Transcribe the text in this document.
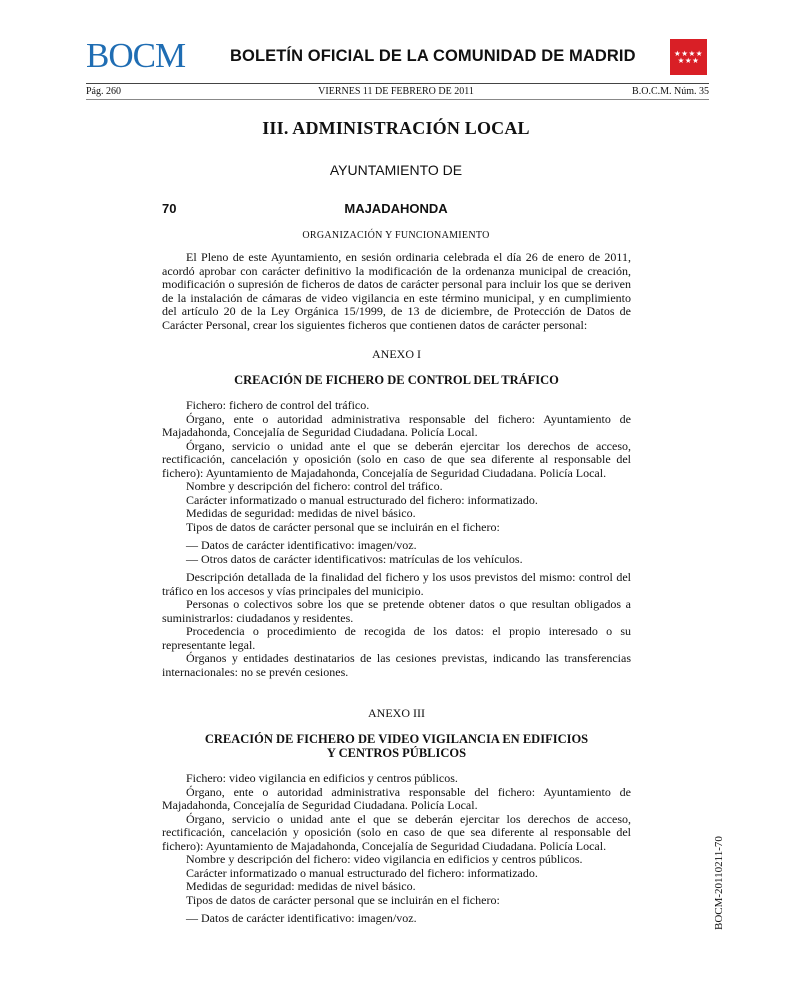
BOCM	BOLETÍN OFICIAL DE LA COMUNIDAD DE MADRID	★★★★
★★★
Pág. 260	VIERNES 11 DE FEBRERO DE 2011	B.O.C.M. Núm. 35
III. ADMINISTRACIÓN LOCAL
AYUNTAMIENTO DE
70	MAJADAHONDA
ORGANIZACIÓN Y FUNCIONAMIENTO
El Pleno de este Ayuntamiento, en sesión ordinaria celebrada el día 26 de enero de 2011, acordó aprobar con carácter definitivo la modificación de la ordenanza municipal de creación, modificación o supresión de ficheros de datos de carácter personal para incluir los que se deriven de la instalación de cámaras de video vigilancia en este término municipal, y en cumplimiento del artículo 20 de la Ley Orgánica 15/1999, de 13 de diciembre, de Protección de Datos de Carácter Personal, crear los siguientes ficheros que contienen datos de carácter personal:
ANEXO I
CREACIÓN DE FICHERO DE CONTROL DEL TRÁFICO

Fichero: fichero de control del tráfico.

Órgano, ente o autoridad administrativa responsable del fichero: Ayuntamiento de Majadahonda, Concejalía de Seguridad Ciudadana. Policía Local.

Órgano, servicio o unidad ante el que se deberán ejercitar los derechos de acceso, rectificación, cancelación y oposición (solo en caso de que sea diferente al responsable del fichero): Ayuntamiento de Majadahonda, Concejalía de Seguridad Ciudadana. Policía Local.

Nombre y descripción del fichero: control del tráfico.

Carácter informatizado o manual estructurado del fichero: informatizado.

Medidas de seguridad: medidas de nivel básico.

Tipos de datos de carácter personal que se incluirán en el fichero:

— Datos de carácter identificativo: imagen/voz.

— Otros datos de carácter identificativos: matrículas de los vehículos.

Descripción detallada de la finalidad del fichero y los usos previstos del mismo: control del tráfico en los accesos y vías principales del municipio.

Personas o colectivos sobre los que se pretende obtener datos o que resultan obligados a suministrarlos: ciudadanos y residentes.

Procedencia o procedimiento de recogida de los datos: el propio interesado o su representante legal.

Órganos y entidades destinatarios de las cesiones previstas, indicando las transferencias internacionales: no se prevén cesiones.

ANEXO III
CREACIÓN DE FICHERO DE VIDEO VIGILANCIA EN EDIFICIOS
Y CENTROS PÚBLICOS

Fichero: video vigilancia en edificios y centros públicos.

Órgano, ente o autoridad administrativa responsable del fichero: Ayuntamiento de Majadahonda, Concejalía de Seguridad Ciudadana. Policía Local.

Órgano, servicio o unidad ante el que se deberán ejercitar los derechos de acceso, rectificación, cancelación y oposición (solo en caso de que sea diferente al responsable del fichero): Ayuntamiento de Majadahonda, Concejalía de Seguridad Ciudadana. Policía Local.

Nombre y descripción del fichero: video vigilancia en edificios y centros públicos.

Carácter informatizado o manual estructurado del fichero: informatizado.

Medidas de seguridad: medidas de nivel básico.

Tipos de datos de carácter personal que se incluirán en el fichero:

— Datos de carácter identificativo: imagen/voz.	BOCM-20110211-70
